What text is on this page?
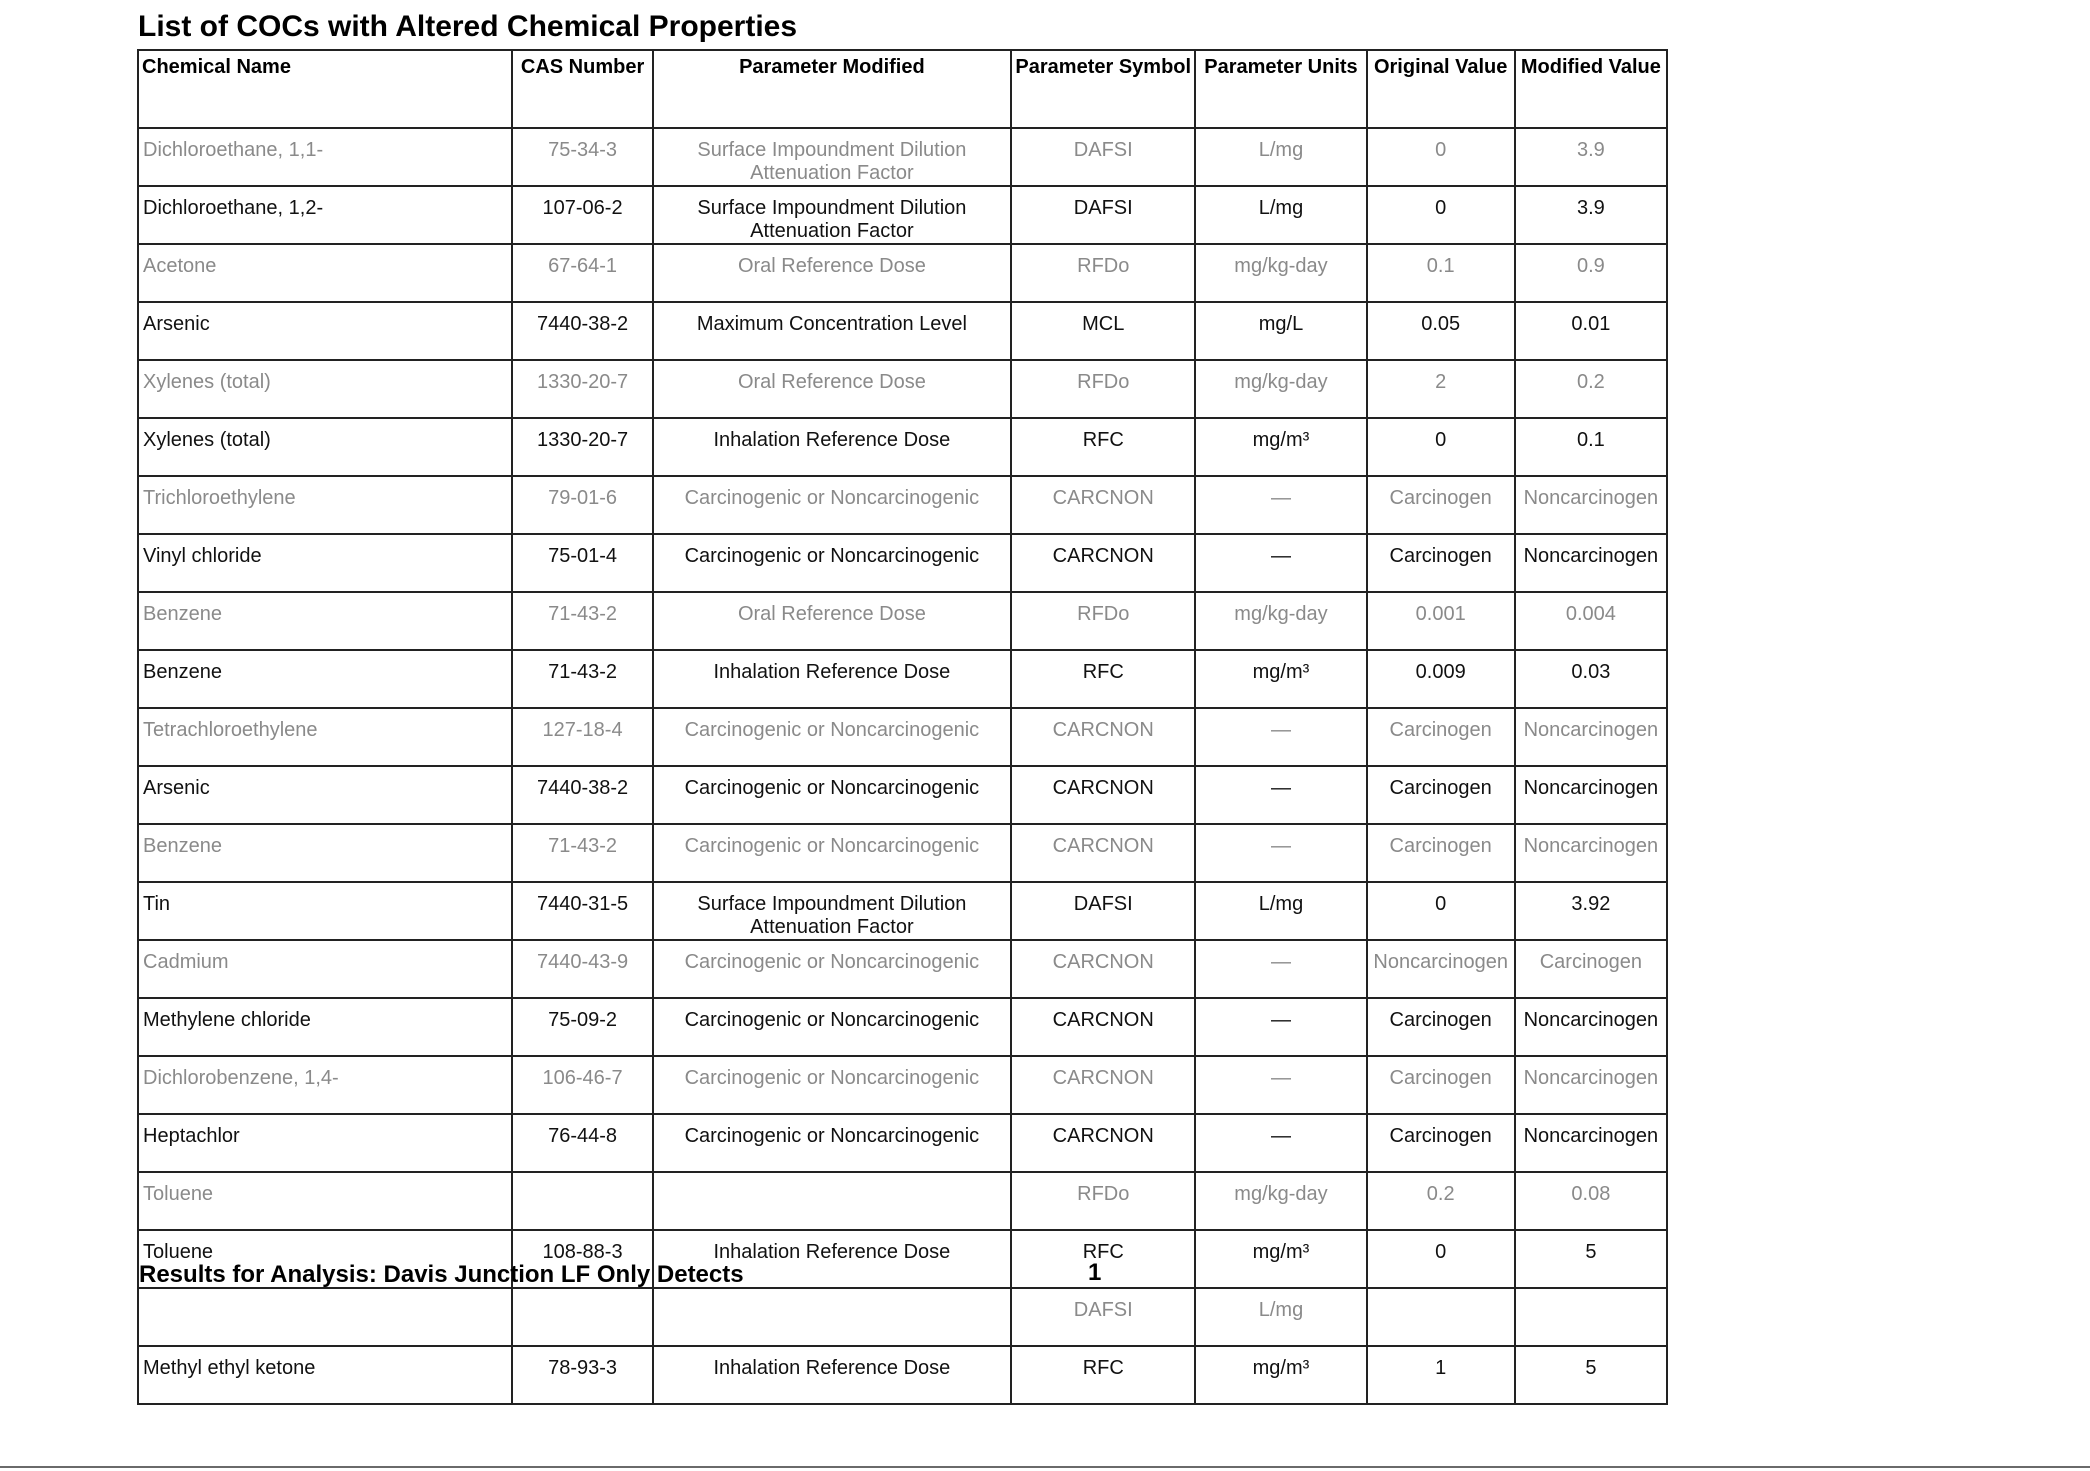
List of COCs with Altered Chemical Properties
Chemical Name	CAS Number	Parameter Modified	Parameter Symbol	Parameter Units	Original Value	Modified Value
Dichloroethane, 1,1-	75-34-3	Surface Impoundment Dilution Attenuation Factor	DAFSI	L/mg	0	3.9
Dichloroethane, 1,2-	107-06-2	Surface Impoundment Dilution Attenuation Factor	DAFSI	L/mg	0	3.9
Acetone	67-64-1	Oral Reference Dose	RFDo	mg/kg-day	0.1	0.9
Arsenic	7440-38-2	Maximum Concentration Level	MCL	mg/L	0.05	0.01
Xylenes (total)	1330-20-7	Oral Reference Dose	RFDo	mg/kg-day	2	0.2
Xylenes (total)	1330-20-7	Inhalation Reference Dose	RFC	mg/m³	0	0.1
Trichloroethylene	79-01-6	Carcinogenic or Noncarcinogenic	CARCNON	—	Carcinogen	Noncarcinogen
Vinyl chloride	75-01-4	Carcinogenic or Noncarcinogenic	CARCNON	—	Carcinogen	Noncarcinogen
Benzene	71-43-2	Oral Reference Dose	RFDo	mg/kg-day	0.001	0.004
Benzene	71-43-2	Inhalation Reference Dose	RFC	mg/m³	0.009	0.03
Tetrachloroethylene	127-18-4	Carcinogenic or Noncarcinogenic	CARCNON	—	Carcinogen	Noncarcinogen
Arsenic	7440-38-2	Carcinogenic or Noncarcinogenic	CARCNON	—	Carcinogen	Noncarcinogen
Benzene	71-43-2	Carcinogenic or Noncarcinogenic	CARCNON	—	Carcinogen	Noncarcinogen
Tin	7440-31-5	Surface Impoundment Dilution Attenuation Factor	DAFSI	L/mg	0	3.92
Cadmium	7440-43-9	Carcinogenic or Noncarcinogenic	CARCNON	—	Noncarcinogen	Carcinogen
Methylene chloride	75-09-2	Carcinogenic or Noncarcinogenic	CARCNON	—	Carcinogen	Noncarcinogen
Dichlorobenzene, 1,4-	106-46-7	Carcinogenic or Noncarcinogenic	CARCNON	—	Carcinogen	Noncarcinogen
Heptachlor	76-44-8	Carcinogenic or Noncarcinogenic	CARCNON	—	Carcinogen	Noncarcinogen
Toluene			RFDo	mg/kg-day	0.2	0.08
Toluene	108-88-3	Inhalation Reference Dose	RFC	mg/m³	0	5
			DAFSI	L/mg		
Methyl ethyl ketone	78-93-3	Inhalation Reference Dose	RFC	mg/m³	1	5
Results for Analysis: Davis Junction LF Only Detects	1
